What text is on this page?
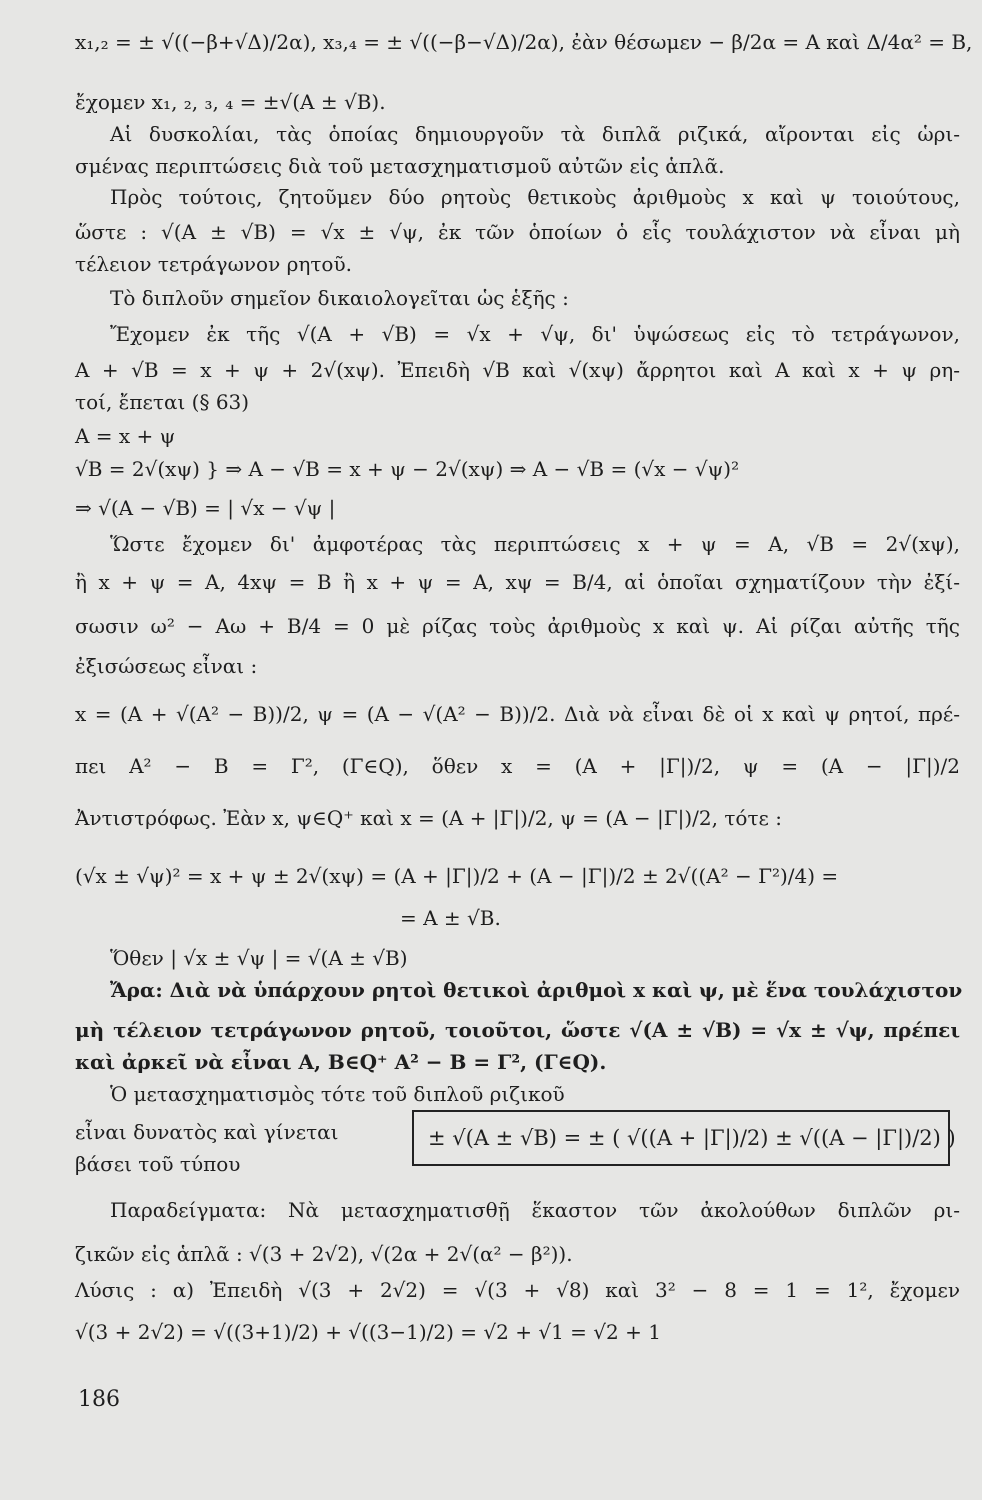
x₁,₂ = ± √((−β+√Δ)/2α), x₃,₄ = ± √((−β−√Δ)/2α), ἐὰν θέσωμεν − β/2α = A καὶ Δ/4α² = B,
ἔχομεν x₁, ₂, ₃, ₄ = ±√(A ± √B).
Αἱ δυσκολίαι, τὰς ὁποίας δημιουργοῦν τὰ διπλᾶ ριζικά, αἴρονται εἰς ὡρι-
σμένας περιπτώσεις διὰ τοῦ μετασχηματισμοῦ αὐτῶν εἰς ἁπλᾶ.
Πρὸς τούτοις, ζητοῦμεν δύο ρητοὺς θετικοὺς ἀριθμοὺς x καὶ ψ τοιούτους,
ὥστε : √(A ± √B) = √x ± √ψ, ἐκ τῶν ὁποίων ὁ εἷς τουλάχιστον νὰ εἶναι μὴ
τέλειον τετράγωνον ρητοῦ.
Τὸ διπλοῦν σημεῖον δικαιολογεῖται ὡς ἑξῆς :
Ἔχομεν ἐκ τῆς √(A + √B) = √x + √ψ, δι' ὑψώσεως εἰς τὸ τετράγωνον,
A + √B = x + ψ + 2√(xψ). Ἐπειδὴ √B καὶ √(xψ) ἄρρητοι καὶ A καὶ x + ψ ρη-
τοί, ἔπεται (§ 63)
A = x + ψ
√B = 2√(xψ) } ⇒ A − √B = x + ψ − 2√(xψ) ⇒ A − √B = (√x − √ψ)²
⇒ √(A − √B) = | √x − √ψ |
Ὥστε ἔχομεν δι' ἀμφοτέρας τὰς περιπτώσεις x + ψ = A, √B = 2√(xψ),
ἢ x + ψ = A, 4xψ = B ἢ x + ψ = A, xψ = B/4, αἱ ὁποῖαι σχηματίζουν τὴν ἐξί-
σωσιν ω² − Aω + B/4 = 0 μὲ ρίζας τοὺς ἀριθμοὺς x καὶ ψ. Αἱ ρίζαι αὐτῆς τῆς
ἐξισώσεως εἶναι :
x = (A + √(A² − B))/2, ψ = (A − √(A² − B))/2. Διὰ νὰ εἶναι δὲ οἱ x καὶ ψ ρητοί, πρέ-
πει A² − B = Γ², (Γ∈Q), ὅθεν x = (A + |Γ|)/2, ψ = (A − |Γ|)/2
Ἀντιστρόφως. Ἐὰν x, ψ∈Q⁺ καὶ x = (A + |Γ|)/2, ψ = (A − |Γ|)/2, τότε :
(√x ± √ψ)² = x + ψ ± 2√(xψ) = (A + |Γ|)/2 + (A − |Γ|)/2 ± 2√((A² − Γ²)/4) =
= A ± √B.
Ὅθεν | √x ± √ψ | = √(A ± √B)
Ἄρα: Διὰ νὰ ὑπάρχουν ρητοὶ θετικοὶ ἀριθμοὶ x καὶ ψ, μὲ ἕνα τουλάχιστον
μὴ τέλειον τετράγωνον ρητοῦ, τοιοῦτοι, ὥστε √(A ± √B) = √x ± √ψ, πρέπει
καὶ ἀρκεῖ νὰ εἶναι A, B∈Q⁺ A² − B = Γ², (Γ∈Q).
Ὁ μετασχηματισμὸς τότε τοῦ διπλοῦ ριζικοῦ
εἶναι δυνατὸς καὶ γίνεται
βάσει τοῦ τύπου
± √(A ± √B) = ± ( √((A + |Γ|)/2) ± √((A − |Γ|)/2) )
Παραδείγματα: Νὰ μετασχηματισθῇ ἕκαστον τῶν ἀκολούθων διπλῶν ρι-
ζικῶν εἰς ἁπλᾶ : √(3 + 2√2), √(2α + 2√(α² − β²)).
Λύσις : α) Ἐπειδὴ √(3 + 2√2) = √(3 + √8) καὶ 3² − 8 = 1 = 1², ἔχομεν
√(3 + 2√2) = √((3+1)/2) + √((3−1)/2) = √2 + √1 = √2 + 1
186
